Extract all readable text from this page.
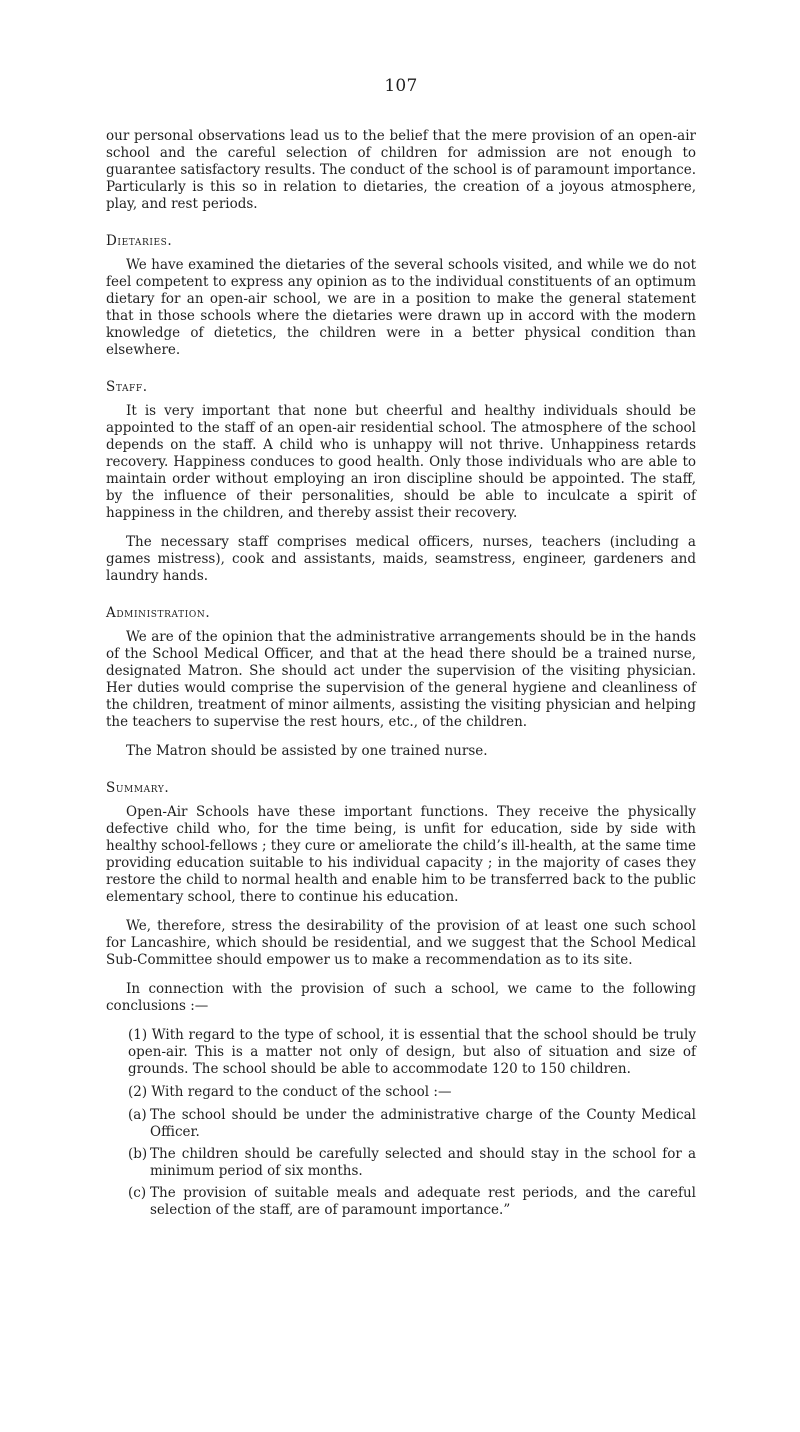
107

our personal observations lead us to the belief that the mere provision of an open-air school and the careful selection of children for admission are not enough to guarantee satisfactory results. The conduct of the school is of paramount importance. Particularly is this so in relation to dietaries, the creation of a joyous atmosphere, play, and rest periods.

Dietaries.

We have examined the dietaries of the several schools visited, and while we do not feel competent to express any opinion as to the individual constituents of an optimum dietary for an open-air school, we are in a position to make the general statement that in those schools where the dietaries were drawn up in accord with the modern knowledge of dietetics, the children were in a better physical condition than elsewhere.

Staff.

It is very important that none but cheerful and healthy individuals should be appointed to the staff of an open-air residential school. The atmosphere of the school depends on the staff. A child who is unhappy will not thrive. Unhappiness retards recovery. Happiness conduces to good health. Only those individuals who are able to maintain order without employing an iron discipline should be appointed. The staff, by the influence of their personalities, should be able to inculcate a spirit of happiness in the children, and thereby assist their recovery.

The necessary staff comprises medical officers, nurses, teachers (including a games mistress), cook and assistants, maids, seamstress, engineer, gardeners and laundry hands.

Administration.

We are of the opinion that the administrative arrangements should be in the hands of the School Medical Officer, and that at the head there should be a trained nurse, designated Matron. She should act under the supervision of the visiting physician. Her duties would comprise the supervision of the general hygiene and cleanliness of the children, treatment of minor ailments, assisting the visiting physician and helping the teachers to supervise the rest hours, etc., of the children.

The Matron should be assisted by one trained nurse.

Summary.

Open-Air Schools have these important functions. They receive the physically defective child who, for the time being, is unfit for education, side by side with healthy school-fellows ; they cure or ameliorate the child’s ill-health, at the same time providing education suitable to his individual capacity ; in the majority of cases they restore the child to normal health and enable him to be transferred back to the public elementary school, there to continue his education.

We, therefore, stress the desirability of the provision of at least one such school for Lancashire, which should be residential, and we suggest that the School Medical Sub-Committee should empower us to make a recommendation as to its site.

In connection with the provision of such a school, we came to the following conclusions :—

(1) With regard to the type of school, it is essential that the school should be truly open-air. This is a matter not only of design, but also of situation and size of grounds. The school should be able to accommodate 120 to 150 children.
(2) With regard to the conduct of the school :—
(a) The school should be under the administrative charge of the County Medical Officer.
(b) The children should be carefully selected and should stay in the school for a minimum period of six months.
(c) The provision of suitable meals and adequate rest periods, and the careful selection of the staff, are of paramount importance.”
